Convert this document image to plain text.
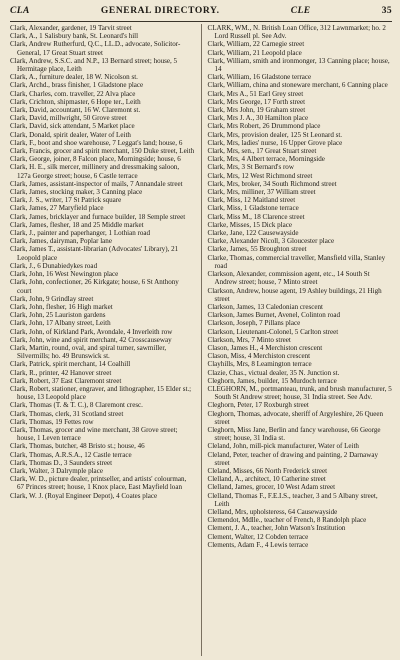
CLA	GENERAL DIRECTORY.	CLE	35
Clark, Alexander, gardener, 19 Tarvit street
Clark, A., 1 Salisbury bank, St. Leonard's hill
Clark, Andrew Rutherfurd, Q.C., LL.D., advocate, Solicitor-General, 17 Great Stuart street
Clark, Andrew, S.S.C. and N.P., 13 Bernard street; house, 5 Hermitage place, Leith
Clark, A., furniture dealer, 18 W. Nicolson st.
Clark, Archd., brass finisher, 1 Gladstone place
Clark, Charles, com. traveller, 22 Alva place
Clark, Crichton, shipmaster, 6 Hope ter., Leith
Clark, David, accountant, 16 W. Claremont st.
Clark, David, millwright, 50 Grove street
Clark, David, sick attendant, 5 Market place
Clark, Donald, spirit dealer, Water of Leith
Clark, F., boot and shoe warehouse, 7 Leggat's land; house, 6
Clark, Francis, grocer and spirit merchant, 150 Duke street, Leith
Clark, George, joiner, 8 Falcon place, Morningside; house, 6
Clark, H. E., silk mercer, millinery and dressmaking saloon, 127a George street; house, 6 Castle terrace
Clark, James, assistant-inspector of mails, 7 Annandale street
Clark, James, stocking maker, 3 Canning place
Clark, J. S., writer, 17 St Patrick square
Clark, James, 27 Maryfield place
Clark, James, bricklayer and furnace builder, 18 Semple street
Clark, James, flesher, 18 and 25 Middle market
Clark, J., painter and paperhanger, 1 Lothian road
Clark, James, dairyman, Poplar lane
Clark, James T., assistant-librarian (Advocates' Library), 21 Leopold place
Clark, J., 6 Dunabiedykes road
Clark, John, 16 West Newington place
Clark, John, confectioner, 26 Kirkgate; house, 6 St Anthony court
Clark, John, 9 Grindlay street
Clark, John, flesher, 16 High market
Clark, John, 25 Lauriston gardens
Clark, John, 17 Albany street, Leith
Clark, John, of Kirkland Park, Avondale, 4 Inverleith row
Clark, John, wine and spirit merchant, 42 Crosscauseway
Clark, Martin, round, oval, and spiral turner, sawmiller, Silvermills; ho. 49 Brunswick st.
Clark, Patrick, spirit merchant, 14 Coalhill
Clark, R., printer, 42 Hanover street
Clark, Robert, 37 East Claremont street
Clark, Robert, stationer, engraver, and lithographer, 15 Elder st.; house, 13 Leopold place
Clark, Thomas (T. & T. C.), 8 Claremont cresc.
Clark, Thomas, clerk, 31 Scotland street
Clark, Thomas, 19 Fettes row
Clark, Thomas, grocer and wine merchant, 38 Grove street; house, 1 Leven terrace
Clark, Thomas, butcher, 48 Bristo st.; house, 46
Clark, Thomas, A.R.S.A., 12 Castle terrace
Clark, Thomas D., 3 Saunders street
Clark, Walter, 3 Dalrymple place
Clark, W. D., picture dealer, printseller, and artists' colourman, 67 Princes street; house, 1 Knox place, East Mayfield loan
Clark, W. J. (Royal Engineer Depot), 4 Coates place
CLARK, WM., N. British Loan Office, 312 Lawnmarket; ho. 2 Lord Russell pl. See Adv.
Clark, William, 22 Carnegie street
Clark, William, 21 Leopold place
Clark, William, smith and ironmonger, 13 Canning place; house, 14
Clark, William, 16 Gladstone terrace
Clark, William, china and stoneware merchant, 6 Canning place
Clark, Mrs A., 51 Earl Grey street
Clark, Mrs George, 17 Forth street
Clark, Mrs John, 19 Graham street
Clark, Mrs J. A., 30 Hamilton place
Clark, Mrs Robert, 26 Drummond place
Clark, Mrs, provision dealer, 125 St Leonard st.
Clark, Mrs, ladies' nurse, 16 Upper Grove place
Clark, Mrs, sen., 17 Great Stuart street
Clark, Mrs, 4 Albert terrace, Morningside
Clark, Mrs, 3 St Bernard's row
Clark, Mrs, 12 West Richmond street
Clark, Mrs, broker, 34 South Richmond street
Clark, Mrs, milliner, 37 William street
Clark, Miss, 12 Maitland street
Clark, Miss, 1 Gladstone terrace
Clark, Miss M., 18 Clarence street
Clarke, Misses, 15 Dick place
Clarke, Jane, 122 Causewayside
Clarke, Alexander Nicoll, 3 Gloucester place
Clarke, James, 55 Broughton street
Clarke, Thomas, commercial traveller, Mansfield villa, Stanley road
Clarkson, Alexander, commission agent, etc., 14 South St Andrew street; house, 7 Minto street
Clarkson, Andrew, house agent, 19 Ashley buildings, 21 High street
Clarkson, James, 13 Caledonian crescent
Clarkson, James Burnet, Avenel, Colinton road
Clarkson, Joseph, 7 Pillans place
Clarkson, Lieutenant-Colonel, 5 Carlton street
Clarkson, Mrs, 7 Minto street
Clason, James H., 4 Merchiston crescent
Clason, Miss, 4 Merchiston crescent
Clayhills, Mrs, 8 Leamington terrace
Clazie, Chas., victual dealer, 35 N. Junction st.
Cleghorn, James, builder, 15 Murdoch terrace
CLEGHORN, M., portmanteau, trunk, and brush manufacturer, 5 South St Andrew street; house, 31 India street. See Adv.
Cleghorn, Peter, 17 Roxburgh street
Cleghorn, Thomas, advocate, sheriff of Argyleshire, 26 Queen street
Cleghorn, Miss Jane, Berlin and fancy warehouse, 66 George street; house, 31 India st.
Cleland, John, mill-pick manufacturer, Water of Leith
Cleland, Peter, teacher of drawing and painting, 2 Darnaway street
Cleland, Misses, 66 North Frederick street
Clelland, A., architect, 10 Catherine street
Clelland, James, grocer, 10 West Adam street
Clelland, Thomas F., F.E.I.S., teacher, 3 and 5 Albany street, Leith
Clelland, Mrs, upholsteress, 64 Causewayside
Clemendot, Mdlle., teacher of French, 8 Randolph place
Clement, J. A., teacher, John Watson's Institution
Clement, Walter, 12 Cobden terrace
Clements, Adam F., 4 Lewis terrace
